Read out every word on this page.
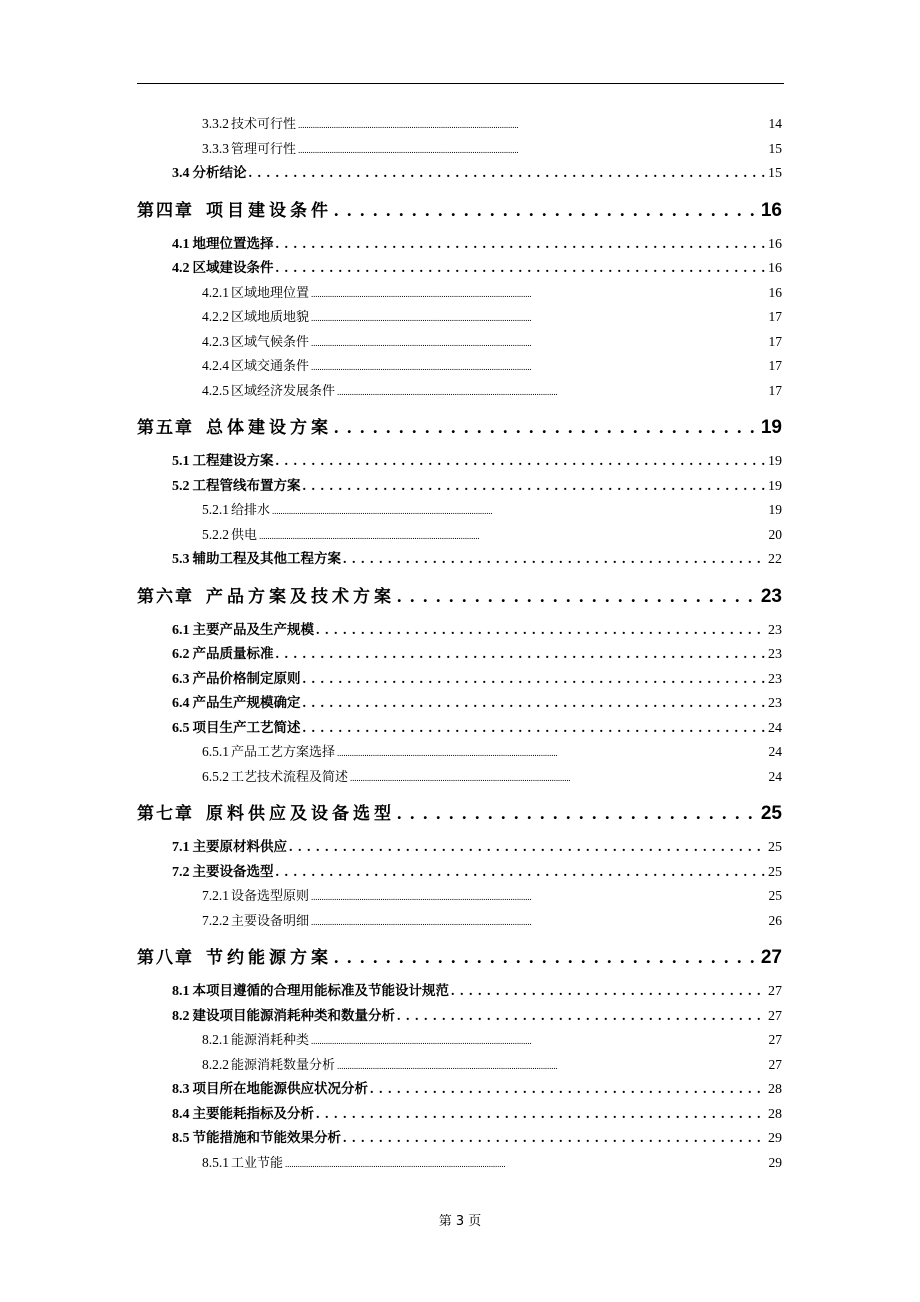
3.3.2 技术可行性 . . .	14
3.3.3 管理可行性 . . .	15
3.4 分析结论 . . .	15
第四章 项目建设条件 . . .	16
4.1 地理位置选择 . . .	16
4.2 区域建设条件 . . .	16
4.2.1 区域地理位置 . . .	16
4.2.2 区域地质地貌 . . .	17
4.2.3 区域气候条件 . . .	17
4.2.4 区域交通条件 . . .	17
4.2.5 区域经济发展条件 . . .	17
第五章 总体建设方案 . . .	19
5.1 工程建设方案 . . .	19
5.2 工程管线布置方案 . . .	19
5.2.1 给排水 . . .	19
5.2.2 供电 . . .	20
5.3 辅助工程及其他工程方案 . . .	22
第六章 产品方案及技术方案 . . .	23
6.1 主要产品及生产规模 . . .	23
6.2 产品质量标准 . . .	23
6.3 产品价格制定原则 . . .	23
6.4 产品生产规模确定 . . .	23
6.5 项目生产工艺简述 . . .	24
6.5.1 产品工艺方案选择 . . .	24
6.5.2 工艺技术流程及简述 . . .	24
第七章 原料供应及设备选型 . . .	25
7.1 主要原材料供应 . . .	25
7.2 主要设备选型 . . .	25
7.2.1 设备选型原则 . . .	25
7.2.2 主要设备明细 . . .	26
第八章 节约能源方案 . . .	27
8.1 本项目遵循的合理用能标准及节能设计规范 . . .	27
8.2 建设项目能源消耗种类和数量分析 . . .	27
8.2.1 能源消耗种类 . . .	27
8.2.2 能源消耗数量分析 . . .	27
8.3 项目所在地能源供应状况分析 . . .	28
8.4 主要能耗指标及分析 . . .	28
8.5 节能措施和节能效果分析 . . .	29
8.5.1 工业节能 . . .	29
第 3 页
